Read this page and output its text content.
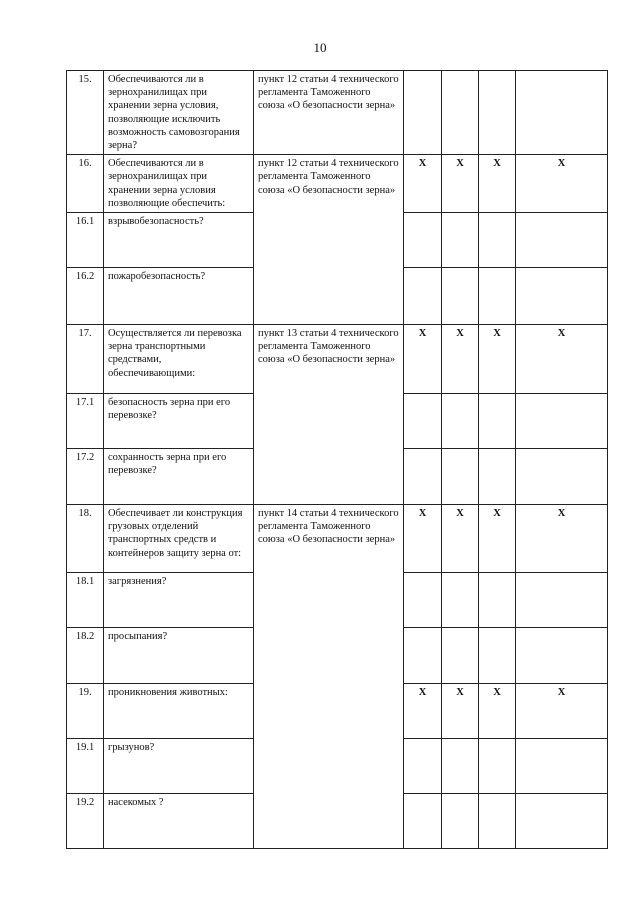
10
15.	Обеспечиваются ли в зернохранилищах при хранении зерна условия, позволяющие исключить возможность самовозгорания зерна?	пункт 12 статьи 4 технического регламента Таможенного союза «О безопасности зерна»				
16.	Обеспечиваются ли в зернохранилищах при хранении зерна условия позволяющие обеспечить:	пункт 12 статьи 4 технического регламента Таможенного союза «О безопасности зерна»	X	X	X	X
16.1	взрывобезопасность?					
16.2	пожаробезопасность?					
17.	Осуществляется ли перевозка зерна транспортными средствами, обеспечивающими:	пункт 13 статьи 4 технического регламента Таможенного союза «О безопасности зерна»	X	X	X	X
17.1	безопасность зерна при его перевозке?					
17.2	сохранность зерна при его перевозке?					
18.	Обеспечивает ли конструкция грузовых отделений транспортных средств и контейнеров защиту зерна от:	пункт 14 статьи 4 технического регламента Таможенного союза «О безопасности зерна»	X	X	X	X
18.1	загрязнения?					
18.2	просыпания?					
19.	проникновения животных:		X	X	X	X
19.1	грызунов?					
19.2	насекомых ?					
